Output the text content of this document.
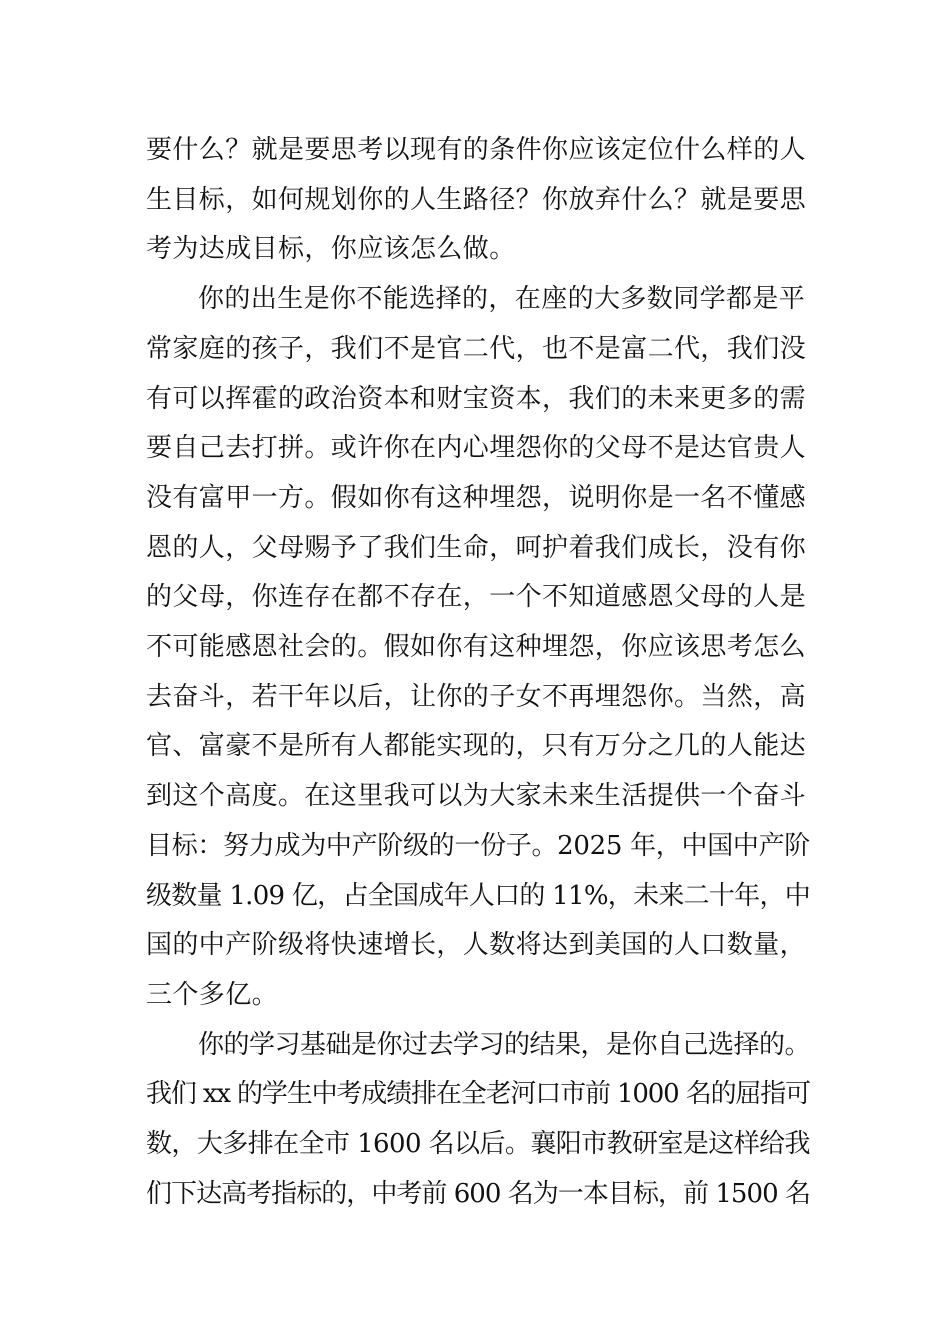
要什么？就是要思考以现有的条件你应该定位什么样的人
生目标，如何规划你的人生路径？你放弃什么？就是要思
考为达成目标，你应该怎么做。

你的出生是你不能选择的，在座的大多数同学都是平
常家庭的孩子，我们不是官二代，也不是富二代，我们没
有可以挥霍的政治资本和财宝资本，我们的未来更多的需
要自己去打拼。或许你在内心埋怨你的父母不是达官贵人
没有富甲一方。假如你有这种埋怨，说明你是一名不懂感
恩的人，父母赐予了我们生命，呵护着我们成长，没有你
的父母，你连存在都不存在，一个不知道感恩父母的人是
不可能感恩社会的。假如你有这种埋怨，你应该思考怎么
去奋斗，若干年以后，让你的子女不再埋怨你。当然，高
官、富豪不是所有人都能实现的，只有万分之几的人能达
到这个高度。在这里我可以为大家未来生活提供一个奋斗
目标：努力成为中产阶级的一份子。2025 年，中国中产阶
级数量 1.09 亿，占全国成年人口的 11%，未来二十年，中
国的中产阶级将快速增长，人数将达到美国的人口数量，
三个多亿。

你的学习基础是你过去学习的结果，是你自己选择的。
我们 xx 的学生中考成绩排在全老河口市前 1000 名的屈指可
数，大多排在全市 1600 名以后。襄阳市教研室是这样给我
们下达高考指标的，中考前 600 名为一本目标，前 1500 名
